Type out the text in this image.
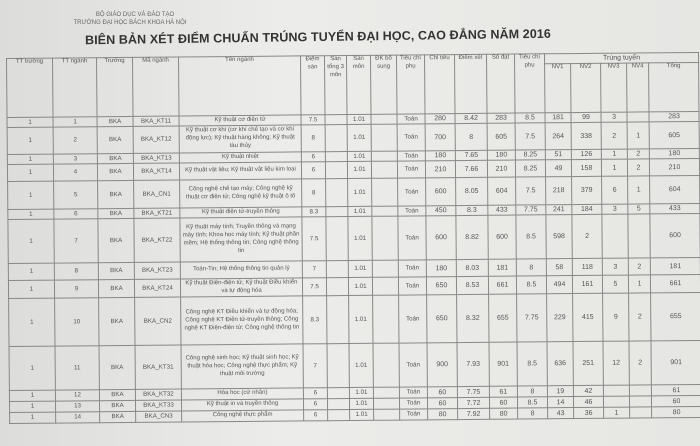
BỘ GIÁO DỤC VÀ ĐÀO TẠO
TRƯỜNG ĐẠI HỌC BÁCH KHOA HÀ NỘI
BIÊN BẢN XÉT ĐIỂM CHUẨN TRÚNG TUYỂN ĐẠI HỌC, CAO ĐẲNG NĂM 2016
TT trường	TT ngành	Trường	Mã ngành	Tên ngành	Điểm sàn	Sàn tổng 3 môn	Sàn môn	ĐK bổ sung	Tiêu chí phụ	Chỉ tiêu	Điểm xét	Số đạt	Tiêu chí phụ	Trúng tuyển				
														NV1	NV2	NV3	NV4	Tổng
1	1	BKA	BKA_KT11	Kỹ thuật cơ điện tử	7.5		1.01		Toán	280	8.42	283	8.5	181	99	3		283
1	2	BKA	BKA_KT12	Kỹ thuật cơ khí (cơ khí chế tạo và cơ khí động lực); Kỹ thuật hàng không; Kỹ thuật tàu thủy	8		1.01		Toán	700	8	605	7.5	264	338	2	1	605
1	3	BKA	BKA_KT13	Kỹ thuật nhiệt	6		1.01		Toán	180	7.65	180	8.25	51	126	1	2	180
1	4	BKA	BKA_KT14	Kỹ thuật vật liệu; Kỹ thuật vật liệu kim loại	6		1.01		Toán	210	7.66	210	8.25	49	158	1	2	210
1	5	BKA	BKA_CN1	Công nghệ chế tạo máy; Công nghệ kỹ thuật cơ điện tử; Công nghệ kỹ thuật ô tô	8		1.01		Toán	600	8.05	604	7.5	218	379	6	1	604
1	6	BKA	BKA_KT21	Kỹ thuật điện tử-truyền thông	8.3		1.01		Toán	450	8.3	433	7.75	241	184	3	5	433
1	7	BKA	BKA_KT22	Kỹ thuật máy tính; Truyền thông và mạng máy tính; Khoa học máy tính; Kỹ thuật phần mềm; Hệ thống thông tin; Công nghệ thông tin	7.5		1.01		Toán	600	8.82	600	8.5	598	2			600
1	8	BKA	BKA_KT23	Toán-Tin; Hệ thống thông tin quản lý	7		1.01		Toán	180	8.03	181	8	58	118	3	2	181
1	9	BKA	BKA_KT24	Kỹ thuật Điện-điện tử; Kỹ thuật Điều khiển và tự động hóa	7.5		1.01		Toán	650	8.53	661	8.5	494	161	5	1	661
1	10	BKA	BKA_CN2	Công nghệ KT Điều khiển và tự động hóa; Công nghệ KT Điện tử-truyền thông; Công nghệ KT Điện-điện tử; Công nghệ thông tin	8.3		1.01		Toán	650	8.32	655	7.75	229	415	9	2	655
1	11	BKA	BKA_KT31	Công nghệ sinh học; Kỹ thuật sinh học; Kỹ thuật hóa học; Công nghệ thực phẩm; Kỹ thuật môi trường	7		1.01		Toán	900	7.93	901	8.5	636	251	12	2	901
1	12	BKA	BKA_KT32	Hóa học (cử nhân)	6		1.01		Toán	60	7.75	61	8	19	42			61
1	13	BKA	BKA_KT33	Kỹ thuật in và truyền thông	6		1.01		Toán	60	7.72	60	8.5	14	46			60
1	14	BKA	BKA_CN3	Công nghệ thực phẩm	6		1.01		Toán	80	7.92	80	8	43	36	1		80
